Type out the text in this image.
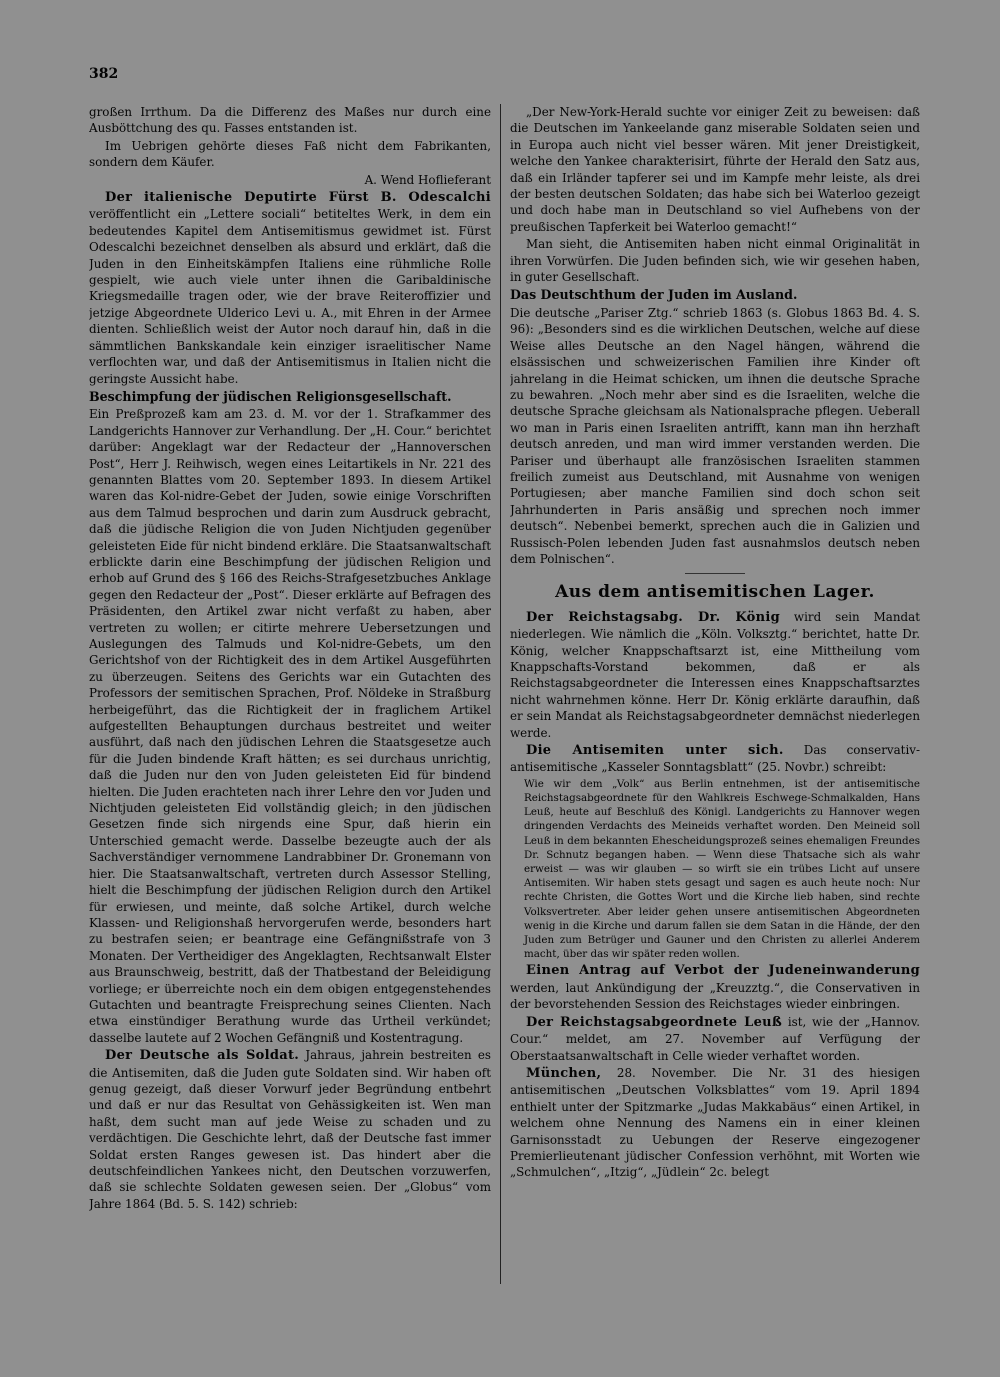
382

großen Irrthum. Da die Differenz des Maßes nur durch eine Ausböttchung des qu. Fasses entstanden ist.

Im Uebrigen gehörte dieses Faß nicht dem Fabrikanten, sondern dem Käufer.

A. Wend Hoflieferant

Der italienische Deputirte Fürst B. Odescalchi veröffentlicht ein „Lettere sociali“ betiteltes Werk, in dem ein bedeutendes Kapitel dem Antisemitismus gewidmet ist. Fürst Odescalchi bezeichnet denselben als absurd und erklärt, daß die Juden in den Einheitskämpfen Italiens eine rühmliche Rolle gespielt, wie auch viele unter ihnen die Garibaldinische Kriegsmedaille tragen oder, wie der brave Reiteroffizier und jetzige Abgeordnete Ulderico Levi u. A., mit Ehren in der Armee dienten. Schließlich weist der Autor noch darauf hin, daß in die sämmtlichen Bankskandale kein einziger israelitischer Name verflochten war, und daß der Antisemitismus in Italien nicht die geringste Aussicht habe.

Beschimpfung der jüdischen Religionsgesellschaft.

Ein Preßprozeß kam am 23. d. M. vor der 1. Strafkammer des Landgerichts Hannover zur Verhandlung. Der „H. Cour.“ berichtet darüber: Angeklagt war der Redacteur der „Hannoverschen Post“, Herr J. Reihwisch, wegen eines Leitartikels in Nr. 221 des genannten Blattes vom 20. September 1893. In diesem Artikel waren das Kol-nidre-Gebet der Juden, sowie einige Vorschriften aus dem Talmud besprochen und darin zum Ausdruck gebracht, daß die jüdische Religion die von Juden Nichtjuden gegenüber geleisteten Eide für nicht bindend erkläre. Die Staatsanwaltschaft erblickte darin eine Beschimpfung der jüdischen Religion und erhob auf Grund des § 166 des Reichs-Strafgesetzbuches Anklage gegen den Redacteur der „Post“. Dieser erklärte auf Befragen des Präsidenten, den Artikel zwar nicht verfaßt zu haben, aber vertreten zu wollen; er citirte mehrere Uebersetzungen und Auslegungen des Talmuds und Kol-nidre-Gebets, um den Gerichtshof von der Richtigkeit des in dem Artikel Ausgeführten zu überzeugen. Seitens des Gerichts war ein Gutachten des Professors der semitischen Sprachen, Prof. Nöldeke in Straßburg herbeigeführt, das die Richtigkeit der in fraglichem Artikel aufgestellten Behauptungen durchaus bestreitet und weiter ausführt, daß nach den jüdischen Lehren die Staatsgesetze auch für die Juden bindende Kraft hätten; es sei durchaus unrichtig, daß die Juden nur den von Juden geleisteten Eid für bindend hielten. Die Juden erachteten nach ihrer Lehre den vor Juden und Nichtjuden geleisteten Eid vollständig gleich; in den jüdischen Gesetzen finde sich nirgends eine Spur, daß hierin ein Unterschied gemacht werde. Dasselbe bezeugte auch der als Sachverständiger vernommene Landrabbiner Dr. Gronemann von hier. Die Staatsanwaltschaft, vertreten durch Assessor Stelling, hielt die Beschimpfung der jüdischen Religion durch den Artikel für erwiesen, und meinte, daß solche Artikel, durch welche Klassen- und Religionshaß hervorgerufen werde, besonders hart zu bestrafen seien; er beantrage eine Gefängnißstrafe von 3 Monaten. Der Vertheidiger des Angeklagten, Rechtsanwalt Elster aus Braunschweig, bestritt, daß der Thatbestand der Beleidigung vorliege; er überreichte noch ein dem obigen entgegenstehendes Gutachten und beantragte Freisprechung seines Clienten. Nach etwa einstündiger Berathung wurde das Urtheil verkündet; dasselbe lautete auf 2 Wochen Gefängniß und Kostentragung.

Der Deutsche als Soldat. Jahraus, jahrein bestreiten es die Antisemiten, daß die Juden gute Soldaten sind. Wir haben oft genug gezeigt, daß dieser Vorwurf jeder Begründung entbehrt und daß er nur das Resultat von Gehässigkeiten ist. Wen man haßt, dem sucht man auf jede Weise zu schaden und zu verdächtigen. Die Geschichte lehrt, daß der Deutsche fast immer Soldat ersten Ranges gewesen ist. Das hindert aber die deutschfeindlichen Yankees nicht, den Deutschen vorzuwerfen, daß sie schlechte Soldaten gewesen seien. Der „Globus“ vom Jahre 1864 (Bd. 5. S. 142) schrieb:

„Der New-York-Herald suchte vor einiger Zeit zu beweisen: daß die Deutschen im Yankeelande ganz miserable Soldaten seien und in Europa auch nicht viel besser wären. Mit jener Dreistigkeit, welche den Yankee charakterisirt, führte der Herald den Satz aus, daß ein Irländer tapferer sei und im Kampfe mehr leiste, als drei der besten deutschen Soldaten; das habe sich bei Waterloo gezeigt und doch habe man in Deutschland so viel Aufhebens von der preußischen Tapferkeit bei Waterloo gemacht!“

Man sieht, die Antisemiten haben nicht einmal Originalität in ihren Vorwürfen. Die Juden befinden sich, wie wir gesehen haben, in guter Gesellschaft.

Das Deutschthum der Juden im Ausland.

Die deutsche „Pariser Ztg.“ schrieb 1863 (s. Globus 1863 Bd. 4. S. 96): „Besonders sind es die wirklichen Deutschen, welche auf diese Weise alles Deutsche an den Nagel hängen, während die elsässischen und schweizerischen Familien ihre Kinder oft jahrelang in die Heimat schicken, um ihnen die deutsche Sprache zu bewahren. „Noch mehr aber sind es die Israeliten, welche die deutsche Sprache gleichsam als Nationalsprache pflegen. Ueberall wo man in Paris einen Israeliten antrifft, kann man ihn herzhaft deutsch anreden, und man wird immer verstanden werden. Die Pariser und überhaupt alle französischen Israeliten stammen freilich zumeist aus Deutschland, mit Ausnahme von wenigen Portugiesen; aber manche Familien sind doch schon seit Jahrhunderten in Paris ansäßig und sprechen noch immer deutsch“. Nebenbei bemerkt, sprechen auch die in Galizien und Russisch-Polen lebenden Juden fast ausnahmslos deutsch neben dem Polnischen“.

Aus dem antisemitischen Lager.

Der Reichstagsabg. Dr. König wird sein Mandat niederlegen. Wie nämlich die „Köln. Volksztg.“ berichtet, hatte Dr. König, welcher Knappschaftsarzt ist, eine Mittheilung vom Knappschafts-Vorstand bekommen, daß er als Reichstagsabgeordneter die Interessen eines Knappschaftsarztes nicht wahrnehmen könne. Herr Dr. König erklärte daraufhin, daß er sein Mandat als Reichstagsabgeordneter demnächst niederlegen werde.

Die Antisemiten unter sich. Das conservativ-antisemitische „Kasseler Sonntagsblatt“ (25. Novbr.) schreibt:

Wie wir dem „Volk“ aus Berlin entnehmen, ist der antisemitische Reichstagsabgeordnete für den Wahlkreis Eschwege-Schmalkalden, Hans Leuß, heute auf Beschluß des Königl. Landgerichts zu Hannover wegen dringenden Verdachts des Meineids verhaftet worden. Den Meineid soll Leuß in dem bekannten Ehescheidungsprozeß seines ehemaligen Freundes Dr. Schnutz begangen haben. — Wenn diese Thatsache sich als wahr erweist — was wir glauben — so wirft sie ein trübes Licht auf unsere Antisemiten. Wir haben stets gesagt und sagen es auch heute noch: Nur rechte Christen, die Gottes Wort und die Kirche lieb haben, sind rechte Volksvertreter. Aber leider gehen unsere antisemitischen Abgeordneten wenig in die Kirche und darum fallen sie dem Satan in die Hände, der den Juden zum Betrüger und Gauner und den Christen zu allerlei Anderem macht, über das wir später reden wollen.

Einen Antrag auf Verbot der Judeneinwanderung werden, laut Ankündigung der „Kreuzztg.“, die Conservativen in der bevorstehenden Session des Reichstages wieder einbringen.

Der Reichstagsabgeordnete Leuß ist, wie der „Hannov. Cour.“ meldet, am 27. November auf Verfügung der Oberstaatsanwaltschaft in Celle wieder verhaftet worden.

München, 28. November. Die Nr. 31 des hiesigen antisemitischen „Deutschen Volksblattes“ vom 19. April 1894 enthielt unter der Spitzmarke „Judas Makkabäus“ einen Artikel, in welchem ohne Nennung des Namens ein in einer kleinen Garnisonsstadt zu Uebungen der Reserve eingezogener Premierlieutenant jüdischer Confession verhöhnt, mit Worten wie „Schmulchen“, „Itzig“, „Jüdlein“ 2c. belegt
